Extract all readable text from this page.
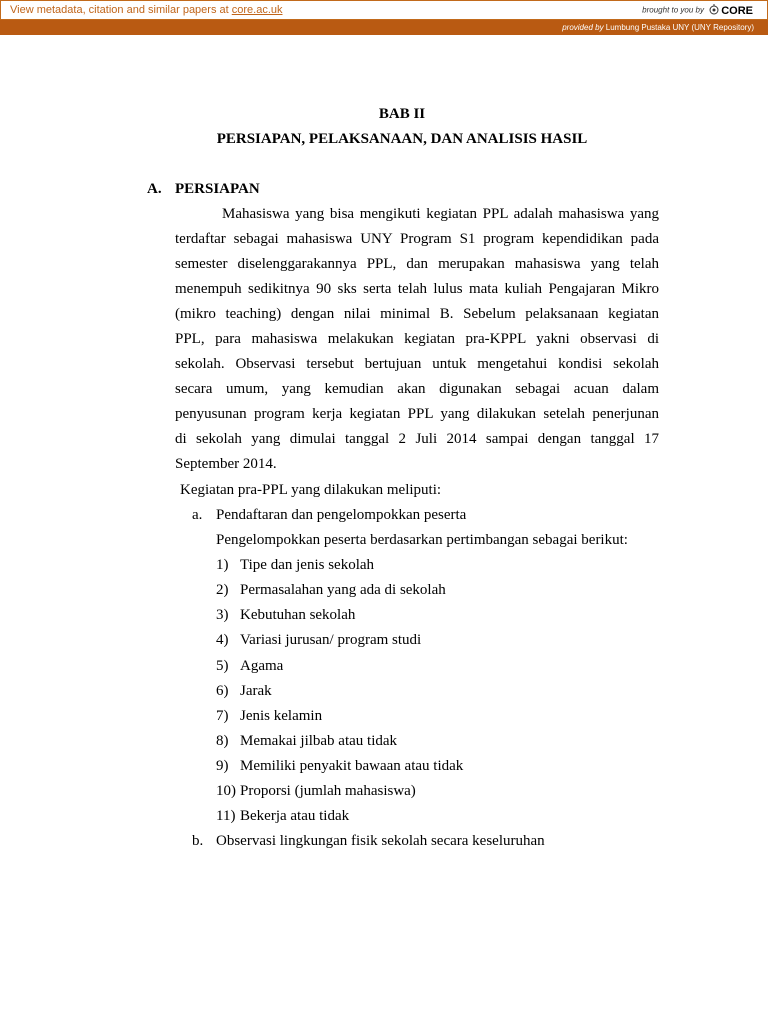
View metadata, citation and similar papers at core.ac.uk	brought to you by CORE
provided by Lumbung Pustaka UNY (UNY Repository)
BAB II
PERSIAPAN, PELAKSANAAN, DAN ANALISIS HASIL
A. PERSIAPAN
Mahasiswa yang bisa mengikuti kegiatan PPL adalah mahasiswa yang
terdaftar sebagai mahasiswa UNY Program S1 program kependidikan pada
semester diselenggarakannya PPL, dan merupakan mahasiswa yang telah
menempuh sedikitnya 90 sks serta telah lulus mata kuliah Pengajaran Mikro
(mikro teaching) dengan nilai minimal B. Sebelum pelaksanaan kegiatan
PPL, para mahasiswa melakukan kegiatan pra-KPPL yakni observasi di
sekolah. Observasi tersebut bertujuan untuk mengetahui kondisi sekolah
secara umum, yang kemudian akan digunakan sebagai acuan dalam
penyusunan program kerja kegiatan PPL yang dilakukan setelah penerjunan
di sekolah yang dimulai tanggal 2 Juli 2014 sampai dengan tanggal 17
September 2014.
Kegiatan pra-PPL yang dilakukan meliputi:
a. Pendaftaran dan pengelompokkan peserta
Pengelompokkan peserta berdasarkan pertimbangan sebagai berikut:
1) Tipe dan jenis sekolah
2) Permasalahan yang ada di sekolah
3) Kebutuhan sekolah
4) Variasi jurusan/ program studi
5) Agama
6) Jarak
7) Jenis kelamin
8) Memakai jilbab atau tidak
9) Memiliki penyakit bawaan atau tidak
10) Proporsi (jumlah mahasiswa)
11) Bekerja atau tidak
b. Observasi lingkungan fisik sekolah secara keseluruhan
